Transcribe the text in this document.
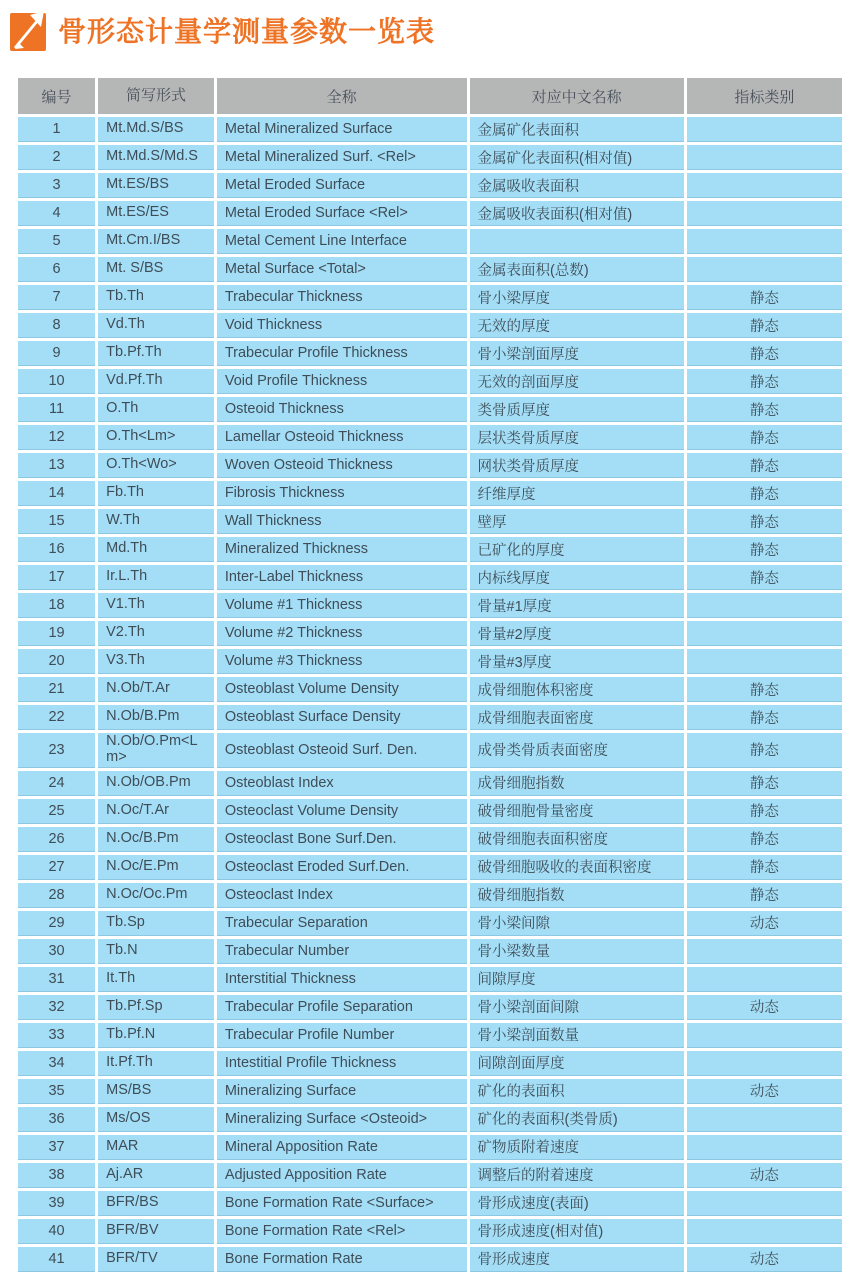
骨形态计量学测量参数一览表
编号	简写形式	全称	对应中文名称	指标类别
1	Mt.Md.S/BS	Metal Mineralized Surface	金属矿化表面积	
2	Mt.Md.S/Md.S	Metal Mineralized Surf. <Rel>	金属矿化表面积(相对值)	
3	Mt.ES/BS	Metal Eroded Surface	金属吸收表面积	
4	Mt.ES/ES	Metal Eroded Surface <Rel>	金属吸收表面积(相对值)	
5	Mt.Cm.I/BS	Metal Cement Line Interface		
6	Mt. S/BS	Metal Surface <Total>	金属表面积(总数)	
7	Tb.Th	Trabecular Thickness	骨小梁厚度	静态
8	Vd.Th	Void Thickness	无效的厚度	静态
9	Tb.Pf.Th	Trabecular Profile Thickness	骨小梁剖面厚度	静态
10	Vd.Pf.Th	Void Profile Thickness	无效的剖面厚度	静态
11	O.Th	Osteoid Thickness	类骨质厚度	静态
12	O.Th<Lm>	Lamellar Osteoid Thickness	层状类骨质厚度	静态
13	O.Th<Wo>	Woven Osteoid Thickness	网状类骨质厚度	静态
14	Fb.Th	Fibrosis Thickness	纤维厚度	静态
15	W.Th	Wall Thickness	壁厚	静态
16	Md.Th	Mineralized Thickness	已矿化的厚度	静态
17	Ir.L.Th	Inter-Label Thickness	内标线厚度	静态
18	V1.Th	Volume #1 Thickness	骨量#1厚度	
19	V2.Th	Volume #2 Thickness	骨量#2厚度	
20	V3.Th	Volume #3 Thickness	骨量#3厚度	
21	N.Ob/T.Ar	Osteoblast Volume Density	成骨细胞体积密度	静态
22	N.Ob/B.Pm	Osteoblast Surface Density	成骨细胞表面密度	静态
23	N.Ob/O.Pm<Lm>	Osteoblast Osteoid Surf. Den.	成骨类骨质表面密度	静态
24	N.Ob/OB.Pm	Osteoblast Index	成骨细胞指数	静态
25	N.Oc/T.Ar	Osteoclast Volume Density	破骨细胞骨量密度	静态
26	N.Oc/B.Pm	Osteoclast Bone Surf.Den.	破骨细胞表面积密度	静态
27	N.Oc/E.Pm	Osteoclast Eroded Surf.Den.	破骨细胞吸收的表面积密度	静态
28	N.Oc/Oc.Pm	Osteoclast Index	破骨细胞指数	静态
29	Tb.Sp	Trabecular Separation	骨小梁间隙	动态
30	Tb.N	Trabecular Number	骨小梁数量	
31	It.Th	Interstitial Thickness	间隙厚度	
32	Tb.Pf.Sp	Trabecular Profile Separation	骨小梁剖面间隙	动态
33	Tb.Pf.N	Trabecular Profile Number	骨小梁剖面数量	
34	It.Pf.Th	Intestitial Profile Thickness	间隙剖面厚度	
35	MS/BS	Mineralizing Surface	矿化的表面积	动态
36	Ms/OS	Mineralizing Surface <Osteoid>	矿化的表面积(类骨质)	
37	MAR	Mineral Apposition Rate	矿物质附着速度	
38	Aj.AR	Adjusted Apposition Rate	调整后的附着速度	动态
39	BFR/BS	Bone Formation Rate <Surface>	骨形成速度(表面)	
40	BFR/BV	Bone Formation Rate <Rel>	骨形成速度(相对值)	
41	BFR/TV	Bone Formation Rate	骨形成速度	动态
